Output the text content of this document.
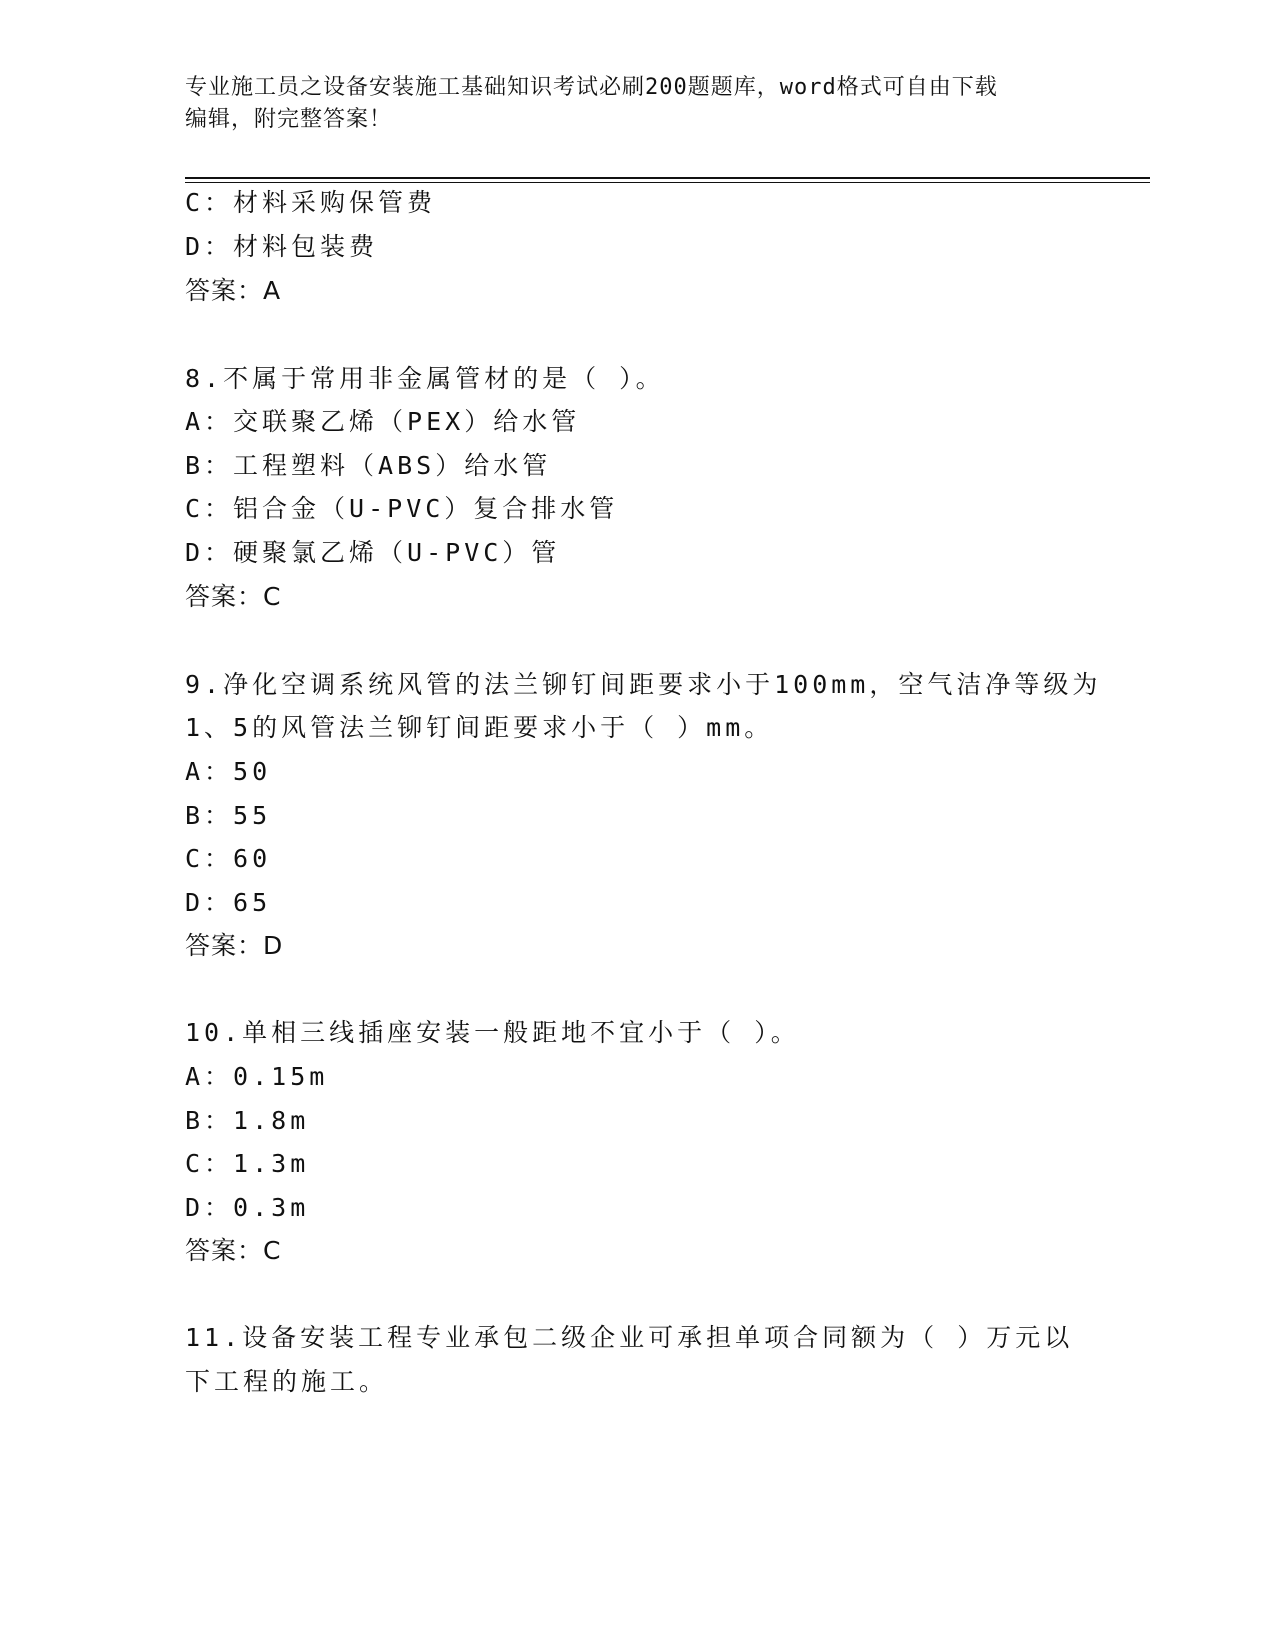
专业施工员之设备安装施工基础知识考试必刷200题题库，word格式可自由下载
编辑，附完整答案！
C：材料采购保管费
D：材料包装费
答案：A
8.不属于常用非金属管材的是（ ）。
A：交联聚乙烯（PEX）给水管
B：工程塑料（ABS）给水管
C：铝合金（U-PVC）复合排水管
D：硬聚氯乙烯（U-PVC）管
答案：C
9.净化空调系统风管的法兰铆钉间距要求小于100mm，空气洁净等级为
1、5的风管法兰铆钉间距要求小于（ ）mm。
A：50
B：55
C：60
D：65
答案：D
10.单相三线插座安装一般距地不宜小于（ ）。
A：0.15m
B：1.8m
C：1.3m
D：0.3m
答案：C
11.设备安装工程专业承包二级企业可承担单项合同额为（ ）万元以
下工程的施工。
